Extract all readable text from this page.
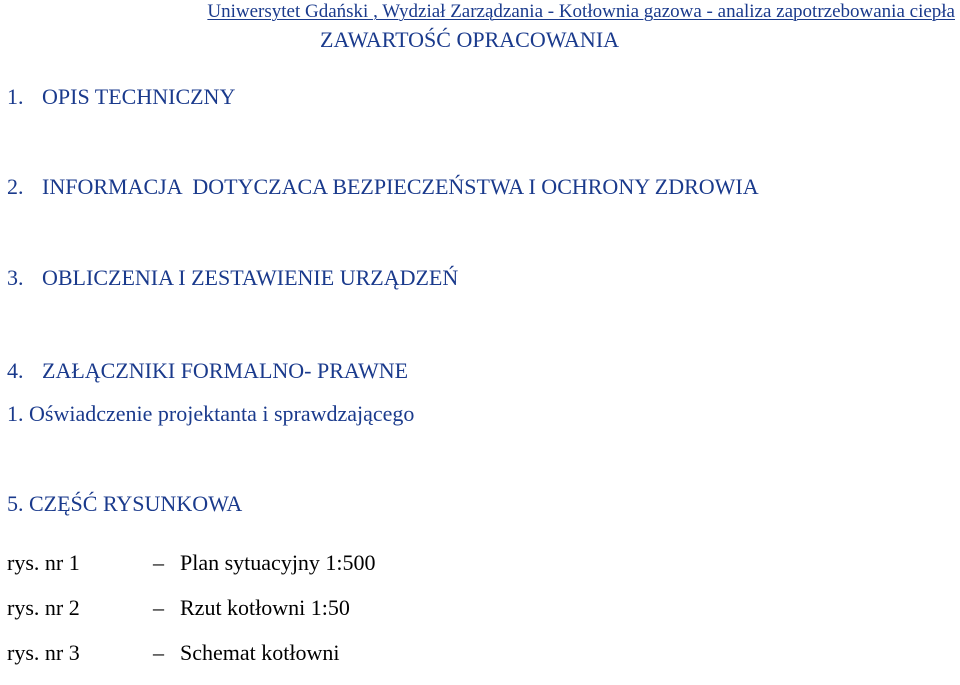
Uniwersytet Gdański , Wydział Zarządzania - Kotłownia gazowa - analiza zapotrzebowania ciepła
ZAWARTOŚĆ OPRACOWANIA
1. OPIS TECHNICZNY
2. INFORMACJA  DOTYCZACA BEZPIECZEŃSTWA I OCHRONY ZDROWIA
3. OBLICZENIA I ZESTAWIENIE URZĄDZEŃ
4. ZAŁĄCZNIKI FORMALNO- PRAWNE
1. Oświadczenie projektanta i sprawdzającego
5. CZĘŚĆ RYSUNKOWA
rys. nr 1	– Plan sytuacyjny 1:500
rys. nr 2	– Rzut kotłowni 1:50
rys. nr 3	– Schemat kotłowni
